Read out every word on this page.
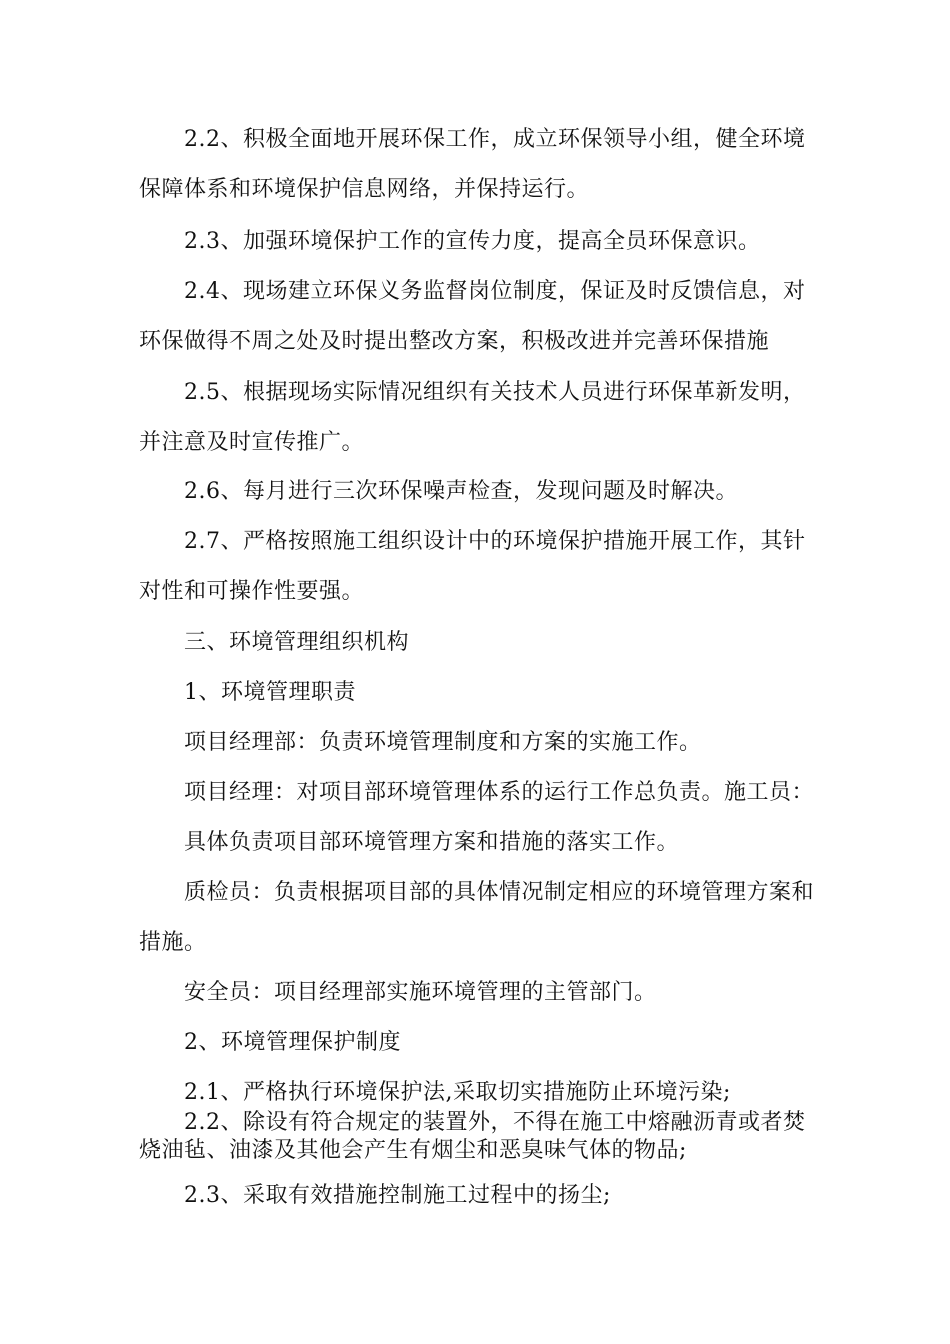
2.2、积极全面地开展环保工作，成立环保领导小组，健全环境
保障体系和环境保护信息网络，并保持运行。
2.3、加强环境保护工作的宣传力度，提高全员环保意识。
2.4、现场建立环保义务监督岗位制度，保证及时反馈信息，对
环保做得不周之处及时提出整改方案，积极改进并完善环保措施
2.5、根据现场实际情况组织有关技术人员进行环保革新发明，
并注意及时宣传推广。
2.6、每月进行三次环保噪声检查，发现问题及时解决。
2.7、严格按照施工组织设计中的环境保护措施开展工作，其针
对性和可操作性要强。
三、环境管理组织机构
1、环境管理职责
项目经理部：负责环境管理制度和方案的实施工作。
项目经理：对项目部环境管理体系的运行工作总负责。施工员：
具体负责项目部环境管理方案和措施的落实工作。
质检员：负责根据项目部的具体情况制定相应的环境管理方案和
措施。
安全员：项目经理部实施环境管理的主管部门。
2、环境管理保护制度
2.1、严格执行环境保护法,采取切实措施防止环境污染;
2.2、除设有符合规定的装置外，不得在施工中熔融沥青或者焚
烧油毡、油漆及其他会产生有烟尘和恶臭味气体的物品;
2.3、采取有效措施控制施工过程中的扬尘;
